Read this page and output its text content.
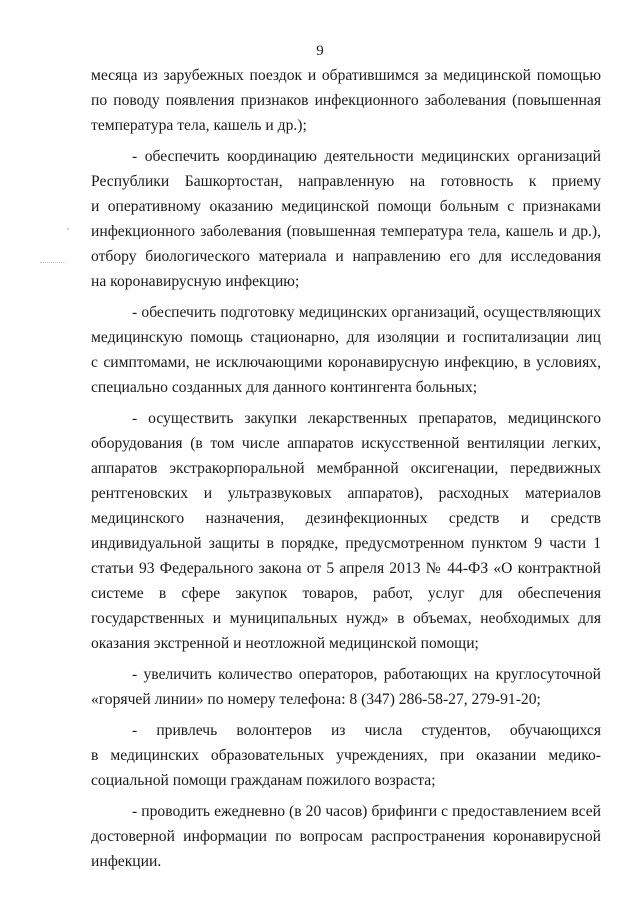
9

месяца из зарубежных поездок и обратившимся за медицинской помощью
по поводу появления признаков инфекционного заболевания (повышенная
температура тела, кашель и др.);

- обеспечить координацию деятельности медицинских организаций
Республики Башкортостан, направленную на готовность к приему
и оперативному оказанию медицинской помощи больным с признаками
инфекционного заболевания (повышенная температура тела, кашель и др.),
отбору биологического материала и направлению его для исследования
на коронавирусную инфекцию;

- обеспечить подготовку медицинских организаций, осуществляющих
медицинскую помощь стационарно, для изоляции и госпитализации лиц
с симптомами, не исключающими коронавирусную инфекцию, в условиях,
специально созданных для данного контингента больных;

- осуществить закупки лекарственных препаратов, медицинского
оборудования (в том числе аппаратов искусственной вентиляции легких,
аппаратов экстракорпоральной мембранной оксигенации, передвижных
рентгеновских и ультразвуковых аппаратов), расходных материалов
медицинского назначения, дезинфекционных средств и средств
индивидуальной защиты в порядке, предусмотренном пунктом 9 части 1
статьи 93 Федерального закона от 5 апреля 2013 № 44-ФЗ «О контрактной
системе в сфере закупок товаров, работ, услуг для обеспечения
государственных и муниципальных нужд» в объемах, необходимых для
оказания экстренной и неотложной медицинской помощи;

- увеличить количество операторов, работающих на круглосуточной
«горячей линии» по номеру телефона: 8 (347) 286-58-27, 279-91-20;

- привлечь волонтеров из числа студентов, обучающихся
в медицинских образовательных учреждениях, при оказании медико-
социальной помощи гражданам пожилого возраста;

- проводить ежедневно (в 20 часов) брифинги с предоставлением всей
достоверной информации по вопросам распространения коронавирусной
инфекции.
